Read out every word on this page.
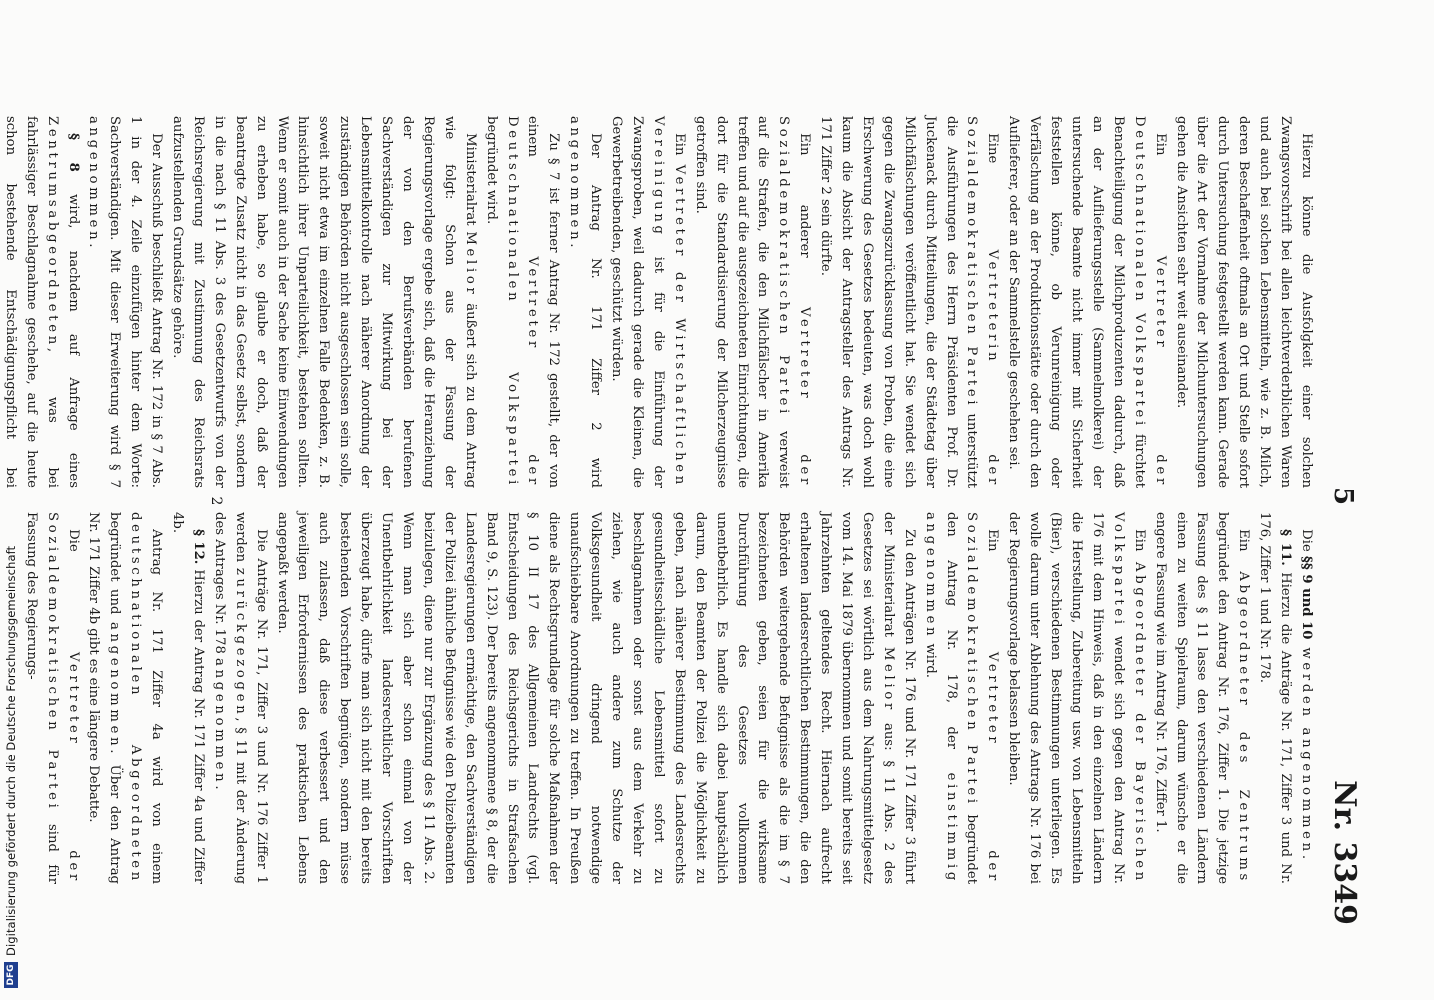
5
Nr. 3349

Hierzu könne die Ausfolgkeit einer solchen Zwangsvorschrift bei allen leichtverderblichen Waren und auch bei solchen Lebensmitteln, wie z. B. Milch, deren Beschaffenheit oftmals an Ort und Stelle sofort durch Untersuchung festgestellt werden kann. Gerade über die Art der Vornahme der Milchuntersuchungen gehen die Ansichten sehr weit auseinander.

Ein Vertreter der Deutschnationalen Volkspartei fürchtet Benachteiligung der Milchproduzenten dadurch, daß an der Auflieferungsstelle (Sammelmolkerei) der untersuchende Beamte nicht immer mit Sicherheit feststellen könne, ob Verunreinigung oder Verfälschung an der Produktionsstätte oder durch den Auflieferer, oder an der Sammelstelle geschehen sei.

Eine Vertreterin der Sozialdemokratischen Partei unterstützt die Ausführungen des Herrn Präsidenten Prof. Dr. Juckenack durch Mitteilungen, die der Städtetag über Milchfälschungen veröffentlicht hat. Sie wendet sich gegen die Zwangszurücklassung von Proben, die eine Erschwerung des Gesetzes bedeuten, was doch wohl kaum die Absicht der Antragsteller des Antrags Nr. 171 Ziffer 2 sein dürfte.

Ein anderer Vertreter der Sozialdemokratischen Partei verweist auf die Strafen, die den Milchfälscher in Amerika treffen und auf die ausgezeichneten Einrichtungen, die dort für die Standardisierung der Milcherzeugnisse getroffen sind.

Ein Vertreter der Wirtschaftlichen Vereinigung ist für die Einführung der Zwangsproben, weil dadurch gerade die Kleinen, die Gewerbetreibenden, geschützt würden.

Der Antrag Nr. 171 Ziffer 2 wird angenommen.

Zu § 7 ist ferner Antrag Nr. 172 gestellt, der von einem Vertreter der Deutschnationalen Volkspartei begründet wird.

Ministerialrat Melior äußert sich zu dem Antrag wie folgt: Schon aus der Fassung der Regierungsvorlage ergebe sich, daß die Heranziehung der von den Berufsverbänden berufenen Sachverständigen zur Mitwirkung bei der Lebensmittelkontrolle nach näherer Anordnung der zuständigen Behörden nicht ausgeschlossen sein solle, soweit nicht etwa im einzelnen Falle Bedenken, z. B. hinsichtlich ihrer Unparteilichkeit, bestehen sollten. Wenn er somit auch in der Sache keine Einwendungen zu erheben habe, so glaube er doch, daß der beantragte Zusatz nicht in das Gesetz selbst, sondern in die nach § 11 Abs. 3 des Gesetzentwurfs von der Reichsregierung mit Zustimmung des Reichsrats aufzustellenden Grundsätze gehöre.

Der Ausschuß beschließt Antrag Nr. 172 in § 7 Abs. 1 in der 4. Zeile einzufügen hinter dem Worte: Sachverständigen. Mit dieser Erweiterung wird § 7 angenommen.

§ 8 wird, nachdem auf Anfrage eines Zentrumsabgeordneten, was bei fahrlässiger Beschlagnahme geschehe, auf die heute schon bestehende Entschädigungspflicht bei

Die §§ 9 und 10 werden angenommen.

§ 11. Hierzu die Anträge Nr. 171, Ziffer 3 und Nr. 176, Ziffer 1 und Nr. 178.

Ein Abgeordneter des Zentrums begründet den Antrag Nr. 176, Ziffer 1. Die jetzige Fassung des § 11 lasse den verschiedenen Ländern einen zu weiten Spielraum, darum wünsche er die engere Fassung wie im Antrag Nr. 176, Ziffer 1.

Ein Abgeordneter der Bayerischen Volkspartei wendet sich gegen den Antrag Nr. 176 mit dem Hinweis, daß in den einzelnen Ländern die Herstellung, Zubereitung usw. von Lebensmitteln (Bier), verschiedenen Bestimmungen unterliegen. Es wolle darum unter Ablehnung des Antrags Nr. 176 bei der Regierungsvorlage belassen bleiben.

Ein Vertreter der Sozialdemokratischen Partei begründet den Antrag Nr. 178, der einstimmig angenommen wird.

Zu den Anträgen Nr. 176 und Nr. 171 Ziffer 3 führt der Ministerialrat Melior aus: § 11 Abs. 2 des Gesetzes sei wörtlich aus dem Nahrungsmittelgesetz vom 14. Mai 1879 übernommen und somit bereits seit Jahrzehnten geltendes Recht. Hiernach aufrecht erhaltenen landesrechtlichen Bestimmungen, die den Behörden weitergehende Befugnisse als die im § 7 bezeichneten geben, seien für die wirksame Durchführung des Gesetzes vollkommen unentbehrlich. Es handle sich dabei hauptsächlich darum, den Beamten der Polizei die Möglichkeit zu geben, nach näherer Bestimmung des Landesrechts gesundheitsschädliche Lebensmittel sofort zu beschlagnahmen oder sonst aus dem Verkehr zu ziehen, wie auch andere zum Schutze der Volksgesundheit dringend notwendige unaufschiebbare Anordnungen zu treffen. In Preußen diene als Rechtsgrundlage für solche Maßnahmen der § 10 II 17 des Allgemeinen Landrechts (vgl. Entscheidungen des Reichsgerichts in Strafsachen Band 9, S. 123). Der bereits angenommene § 8, der die Landesregierungen ermächtige, den Sachverständigen der Polizei ähnliche Befugnisse wie den Polizeibeamten beizulegen, diene nur zur Ergänzung des § 11 Abs. 2. Wenn man sich aber schon einmal von der Unentbehrlichkeit landesrechtlicher Vorschriften überzeugt habe, dürfe man sich nicht mit den bereits bestehenden Vorschriften begnügen, sondern müsse auch zulassen, daß diese verbessert und den jeweiligen Erfordernissen des praktischen Lebens angepaßt werden.

Die Anträge Nr. 171, Ziffer 3 und Nr. 176 Ziffer 1 werden zurückgezogen, § 11 mit der Änderung des Antrages Nr. 178 angenommen.

§ 12. Hierzu der Antrag Nr. 171 Ziffer 4a und Ziffer 4b.

Antrag Nr. 171 Ziffer 4a wird von einem deutschnationalen Abgeordneten begründet und angenommen. Über den Antrag Nr. 171 Ziffer 4b gibt es eine längere Debatte.

Die Vertreter der Sozialdemokratischen Partei sind für Fassung des Regierungs-

2
DFG
Digitalisierung gefördert durch die Deutsche Forschungsgemeinschaft
